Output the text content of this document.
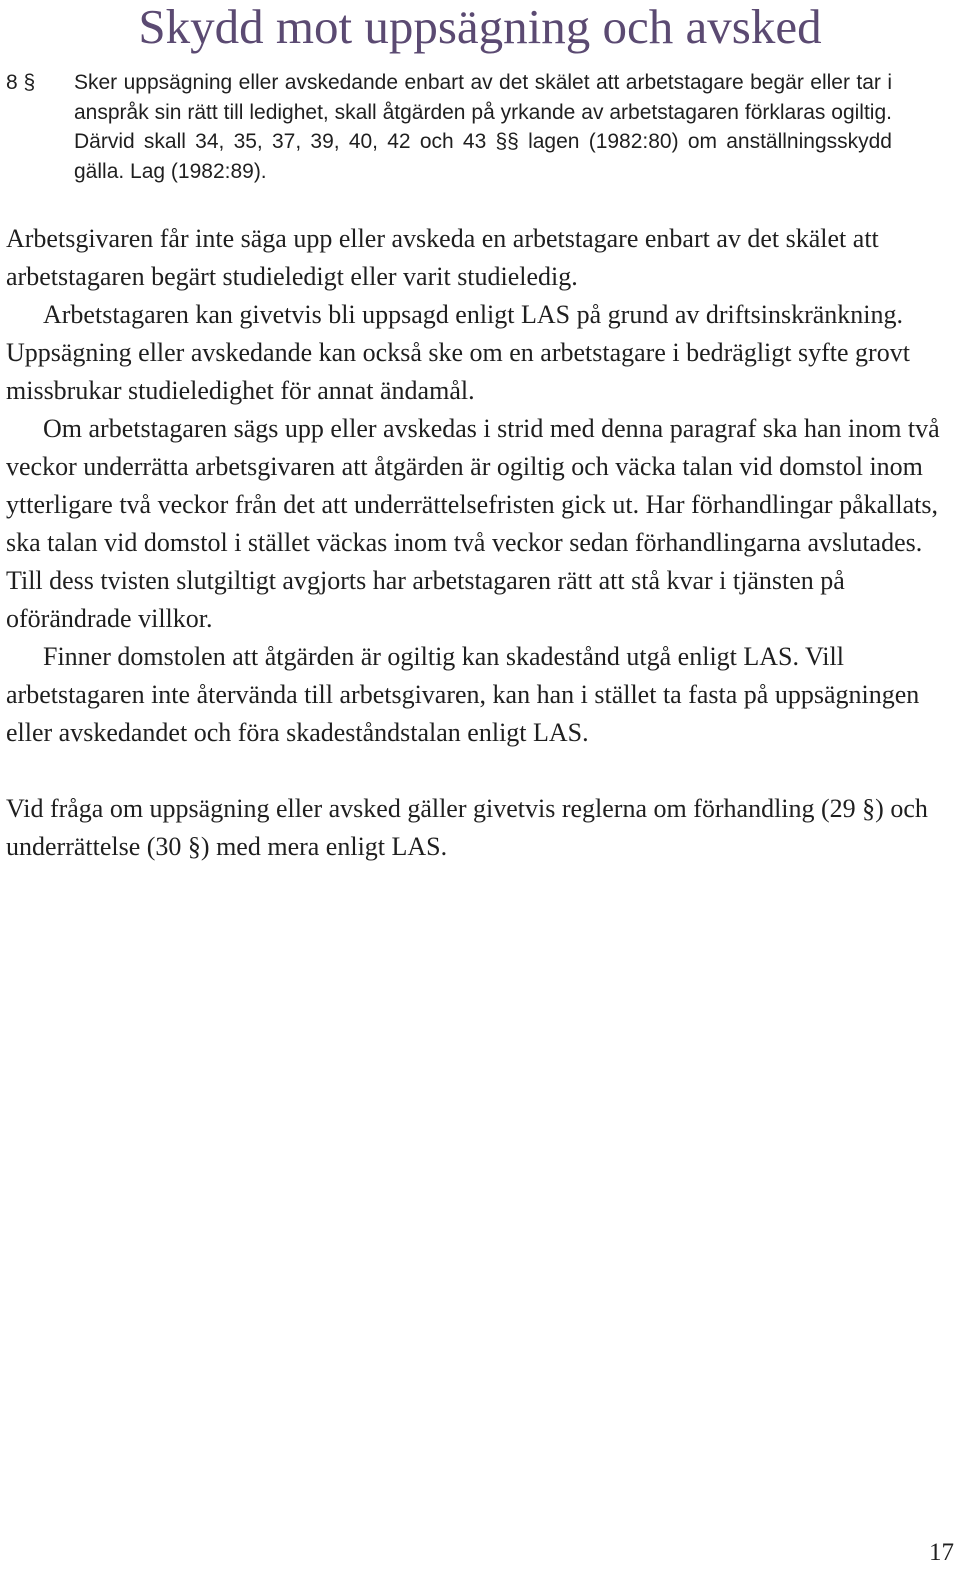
Skydd mot uppsägning och avsked
8 § Sker uppsägning eller avskedande enbart av det skälet att arbetstagare begär eller tar i anspråk sin rätt till ledighet, skall åtgärden på yrkande av arbetstagaren förklaras ogiltig. Därvid skall 34, 35, 37, 39, 40, 42 och 43 §§ lagen (1982:80) om anställningsskydd gälla. Lag (1982:89).

Arbetsgivaren får inte säga upp eller avskeda en arbetstagare enbart av det skälet att arbetstagaren begärt studieledigt eller varit studieledig.

Arbetstagaren kan givetvis bli uppsagd enligt LAS på grund av driftsinskränkning. Uppsägning eller avskedande kan också ske om en arbetstagare i bedrägligt syfte grovt missbrukar studieledighet för annat ändamål.

Om arbetstagaren sägs upp eller avskedas i strid med denna paragraf ska han inom två veckor underrätta arbetsgivaren att åtgärden är ogiltig och väcka talan vid domstol inom ytterligare två veckor från det att underrättelsefristen gick ut. Har förhandlingar påkallats, ska talan vid domstol i stället väckas inom två veckor sedan förhandlingarna avslutades. Till dess tvisten slutgiltigt avgjorts har arbetstagaren rätt att stå kvar i tjänsten på oförändrade villkor.

Finner domstolen att åtgärden är ogiltig kan skadestånd utgå enligt LAS. Vill arbetstagaren inte återvända till arbetsgivaren, kan han i stället ta fasta på uppsägningen eller avskedandet och föra skadeståndstalan enligt LAS.

Vid fråga om uppsägning eller avsked gäller givetvis reglerna om förhandling (29 §) och underrättelse (30 §) med mera enligt LAS.

17
